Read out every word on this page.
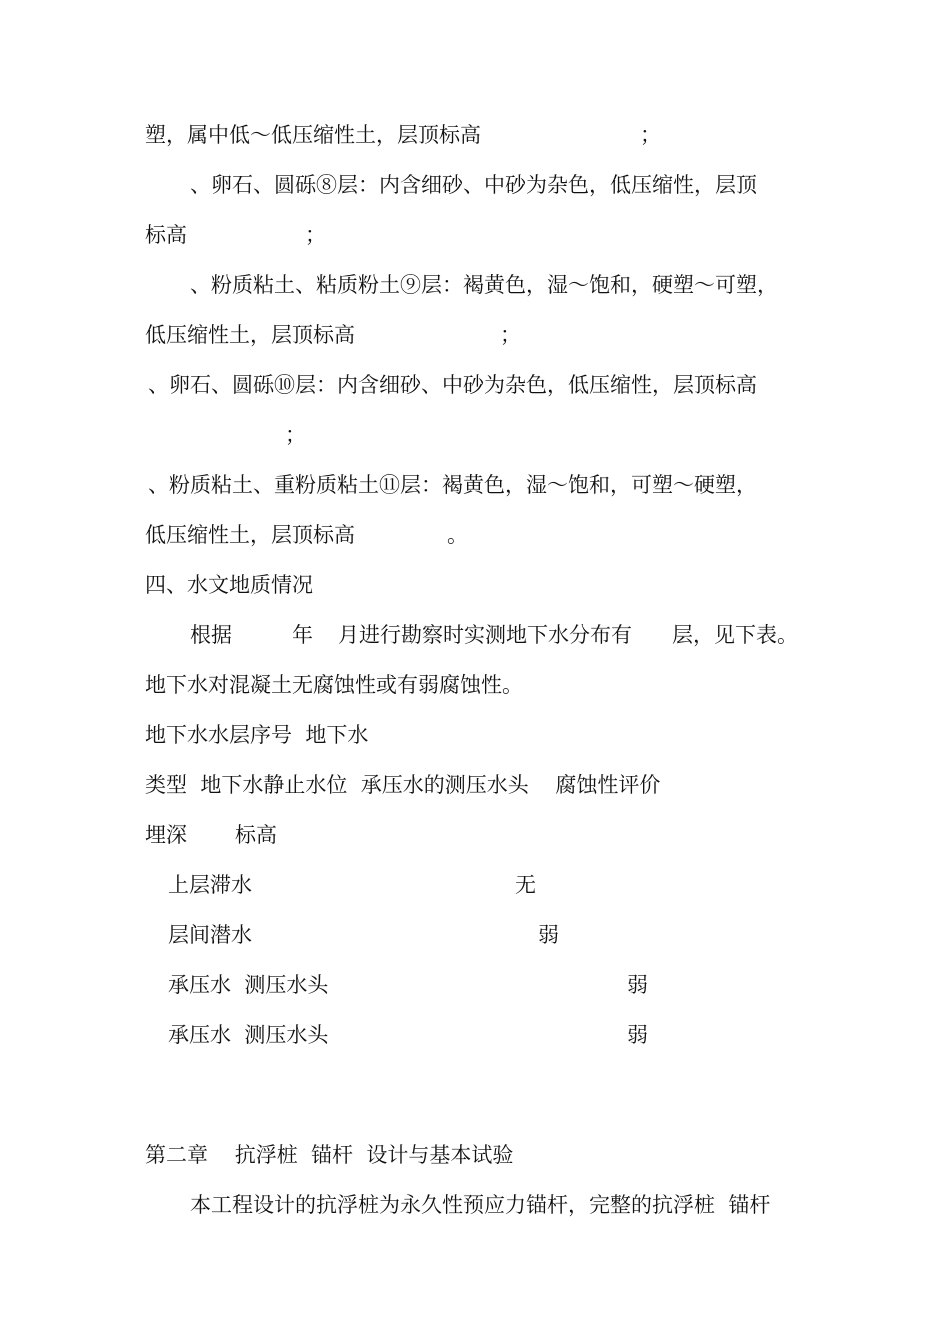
塑，属中低～低压缩性土，层顶标高	；
、卵石、圆砾⑧层：内含细砂、中砂为杂色，低压缩性，层顶
标高	；
、粉质粘土、粘质粉土⑨层：褐黄色，湿～饱和，硬塑～可塑，
低压缩性土，层顶标高	；
、卵石、圆砾⑩层：内含细砂、中砂为杂色，低压缩性，层顶标高
；
、粉质粘土、重粉质粘土⑪层：褐黄色，湿～饱和，可塑～硬塑，
低压缩性土，层顶标高	。
四、水文地质情况
根据	年 月进行勘察时实测地下水分布有 层，见下表。
地下水对混凝土无腐蚀性或有弱腐蚀性。
地下水水层序号  地下水
类型  地下水静止水位  承压水的测压水头    腐蚀性评价
埋深 标高
上层滞水	无
层间潜水	弱
承压水  测压水头	弱
承压水  测压水头	弱
第二章    抗浮桩  锚杆  设计与基本试验
本工程设计的抗浮桩为永久性预应力锚杆，完整的抗浮桩  锚杆
